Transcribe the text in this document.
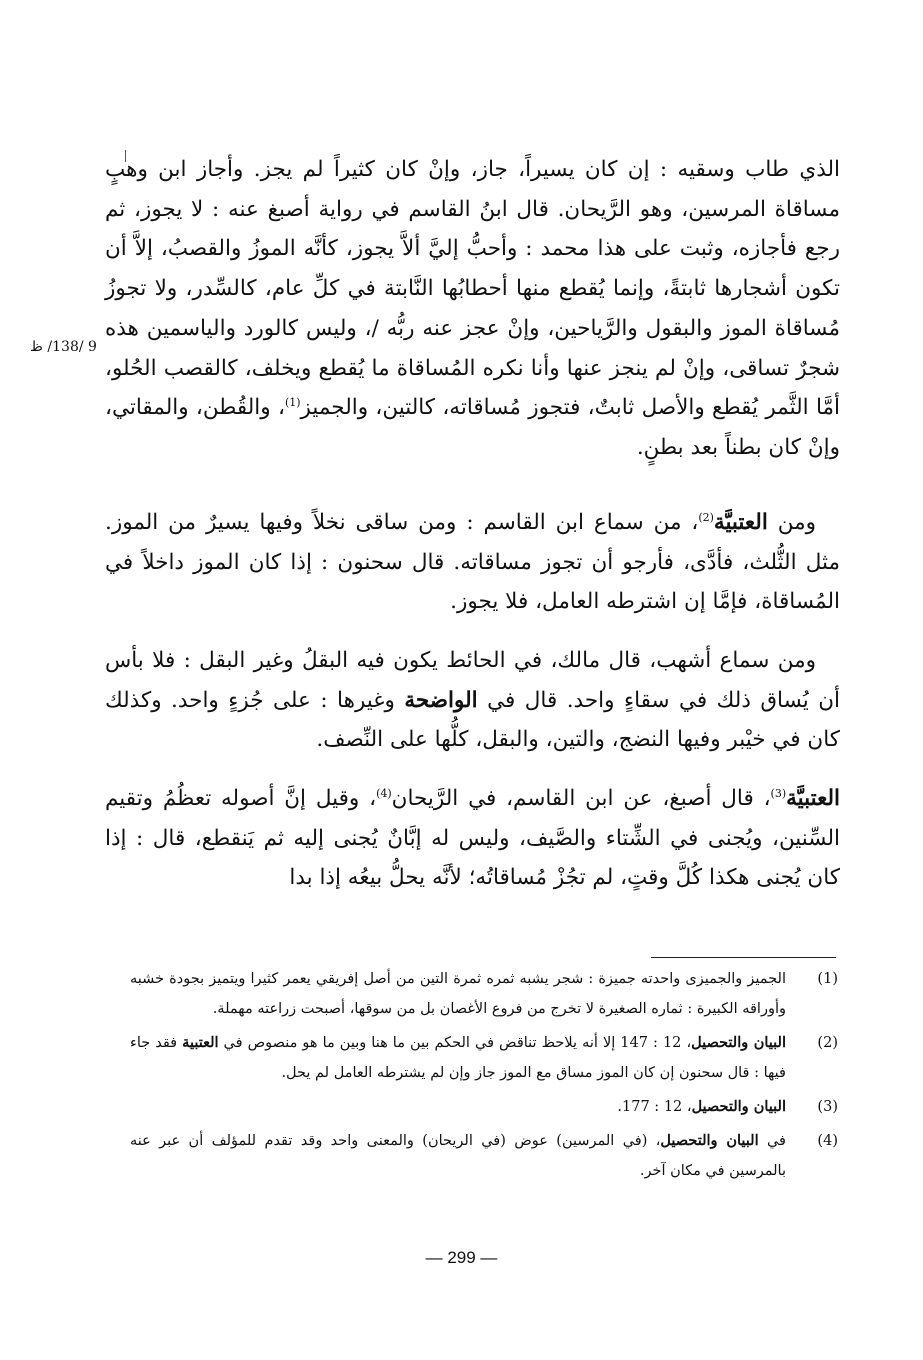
9 /138/ ظ

الذي طاب وسقيه : إن كان يسيراً، جاز، وإنْ كان كثيراً لم يجز. وأجاز ابن وهبٍ مساقاة المرسين، وهو الرَّيحان. قال ابنُ القاسم في رواية أصبغ عنه : لا يجوز، ثم رجع فأجازه، وثبت على هذا محمد : وأحبُّ إليَّ ألاَّ يجوز، كأنَّه الموزُ والقصبُ، إلاَّ أن تكون أشجارها ثابتةً، وإنما يُقطع منها أحطابُها النَّابتة في كلِّ عام، كالسِّدر، ولا تجوزُ مُساقاة الموز والبقول والرَّياحين، وإنْ عجز عنه ربُّه /، وليس كالورد والياسمين هذه شجرٌ تساقى، وإنْ لم ينجز عنها وأنا نكره المُساقاة ما يُقطع ويخلف، كالقصب الحُلو، أمَّا الثَّمر يُقطع والأصل ثابتٌ، فتجوز مُساقاته، كالتين، والجميز$^{(1)}$، والقُطن، والمقاتي، وإنْ كان بطناً بعد بطنٍ.

ومن العتبيَّة$^{(2)}$، من سماع ابن القاسم : ومن ساقى نخلاً وفيها يسيرٌ من الموز. مثل الثُّلث، فأدَّى، فأرجو أن تجوز مساقاته. قال سحنون : إذا كان الموز داخلاً في المُساقاة، فإمَّا إن اشترطه العامل، فلا يجوز.

ومن سماع أشهب، قال مالك، في الحائط يكون فيه البقلُ وغير البقل : فلا بأس أن يُساق ذلك في سقاءٍ واحد. قال في الواضحة وغيرها : على جُزءٍ واحد. وكذلك كان في خيْبر وفيها النضج، والتين، والبقل، كلُّها على النِّصف.

العتبيَّة$^{(3)}$، قال أصبغ، عن ابن القاسم، في الرَّيحان$^{(4)}$، وقيل إنَّ أصوله تعظُمُ وتقيم السِّنين، ويُجنى في الشِّتاء والصَّيف، وليس له إبَّانٌ يُجنى إليه ثم يَنقطع، قال : إذا كان يُجنى هكذا كُلَّ وقتٍ، لم تجُزْ مُساقاتُه؛ لأنَّه يحلُّ بيعُه إذا بدا

(1)
الجميز والجميزى واحدته جميزة : شجر يشبه ثمره ثمرة التين من أصل إفريقي يعمر كثيرا ويتميز بجودة خشبه وأوراقه الكبيرة : ثماره الصغيرة لا تخرج من فروع الأغصان بل من سوقها، أصبحت زراعته مهملة.
(2)
البيان والتحصيل، 12 : 147 إلا أنه يلاحظ تناقض في الحكم بين ما هنا وبين ما هو منصوص في العتبية فقد جاء فيها : قال سحنون إن كان الموز مساق مع الموز جاز وإن لم يشترطه العامل لم يحل.
(3)
البيان والتحصيل، 12 : 177.
(4)
في البيان والتحصيل، (في المرسين) عوض (في الريحان) والمعنى واحد وقد تقدم للمؤلف أن عبر عنه بالمرسين في مكان آخر.
— 299 —
